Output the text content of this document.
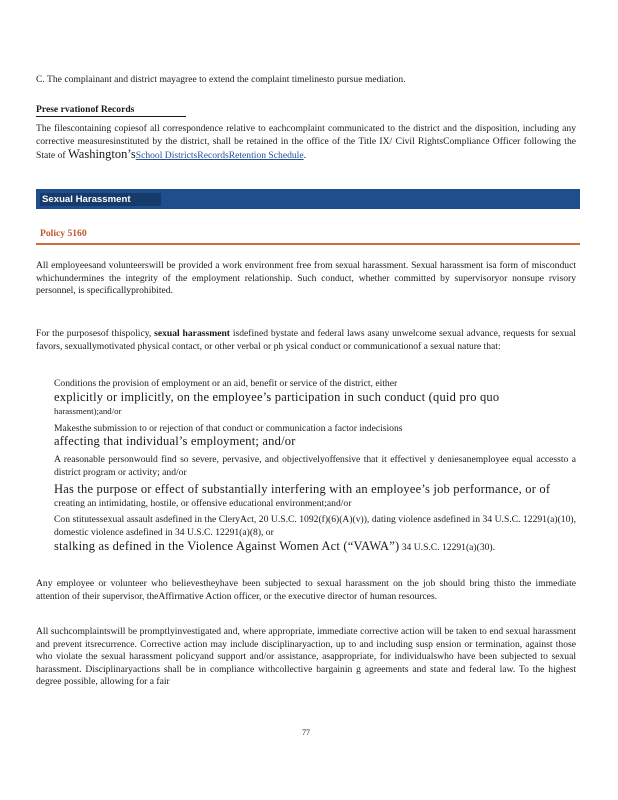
C. The complainant and district mayagree to extend the complaint timelinesto pursue mediation.

Prese rvationof Records

The filescontaining copiesof all correspondence relative to eachcomplaint communicated to the district and the disposition, including any corrective measuresinstituted by the district, shall be retained in the office of the Title IX/ Civil RightsCompliance Officer following the State of Washington’sSchool DistrictsRecordsRetention Schedule.

Sexual Harassment
Policy 5160

All employeesand volunteerswill be provided a work environment free from sexual harassment. Sexual harassment isa form of misconduct whichundermines the integrity of the employment relationship. Such conduct, whether committed by supervisoryor nonsupe rvisory personnel, is specificallyprohibited.

For the purposesof thispolicy, sexual harassment isdefined bystate and federal laws asany unwelcome sexual advance, requests for sexual favors, sexuallymotivated physical contact, or other verbal or ph ysical conduct or communicationof a sexual nature that:

Conditions the provision of employment or an aid, benefit or service of the district, either
explicitly or implicitly, on the employee’s participation in such conduct (quid pro quo
harassment);and/or
Makesthe submission to or rejection of that conduct or communication a factor indecisions
affecting that individual’s employment; and/or
A reasonable personwould find so severe, pervasive, and objectivelyoffensive that it effectivel y deniesanemployee equal accessto a district program or activity; and/or
Has the purpose or effect of substantially interfering with an employee’s job performance, or of
creating an intimidating, hostile, or offensive educational environment;and/or
Con stitutessexual assault asdefined in the CleryAct, 20 U.S.C. 1092(f)(6)(A)(v)), dating violence asdefined in 34 U.S.C. 12291(a)(10), domestic violence asdefined in 34 U.S.C. 12291(a)(8), or
stalking as defined in the Violence Against Women Act (“VAWA”) 34 U.S.C. 12291(a)(30).

Any employee or volunteer who believestheyhave been subjected to sexual harassment on the job should bring thisto the immediate attention of their supervisor, theAffirmative Action officer, or the executive director of human resources.

All suchcomplaintswill be promptlyinvestigated and, where appropriate, immediate corrective action will be taken to end sexual harassment and prevent itsrecurrence. Corrective action may include disciplinaryaction, up to and including susp ension or termination, against those who violate the sexual harassment policyand support and/or assistance, asappropriate, for individualswho have been subjected to sexual harassment. Disciplinaryactions shall be in compliance withcollective bargainin g agreements and state and federal law. To the highest degree possible, allowing for a fair

77
